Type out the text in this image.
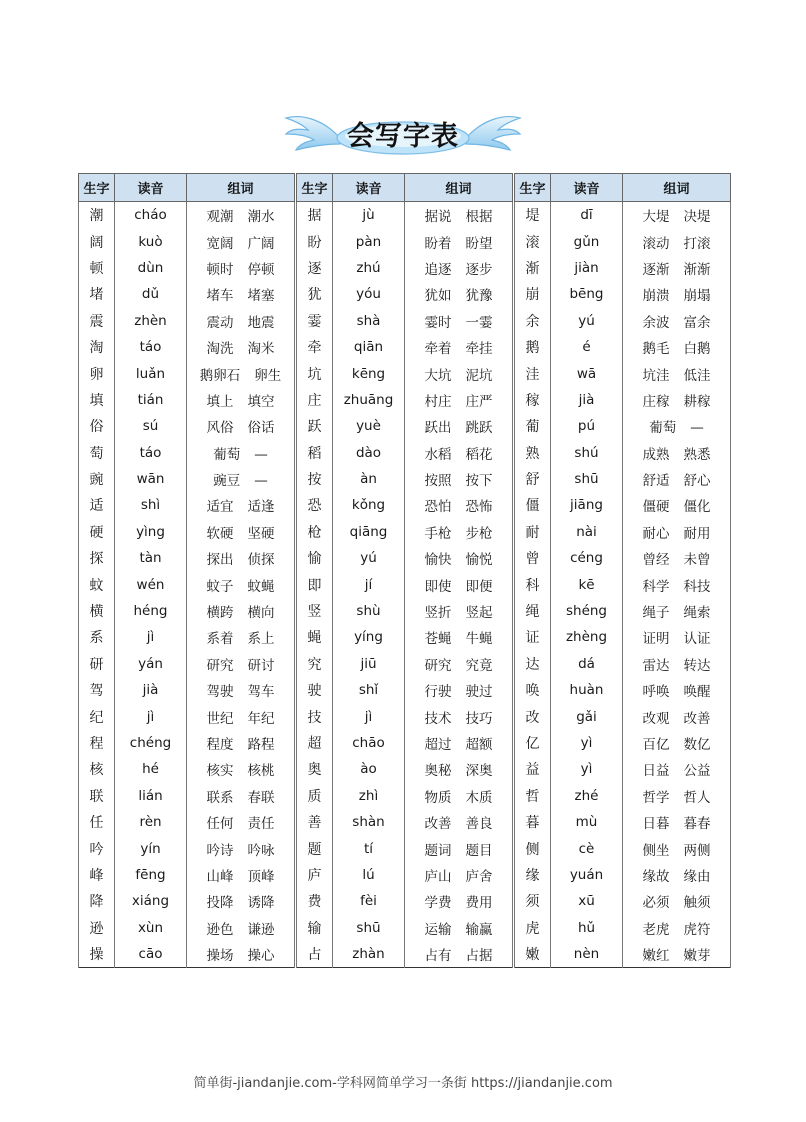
会写字表
生字	读音	组词
潮	cháo	观潮 潮水
阔	kuò	宽阔 广阔
顿	dùn	顿时 停顿
堵	dǔ	堵车 堵塞
震	zhèn	震动 地震
淘	táo	淘洗 淘米
卵	luǎn	鹅卵石 卵生
填	tián	填上 填空
俗	sú	风俗 俗话
萄	táo	葡萄 —
豌	wān	豌豆 —
适	shì	适宜 适逢
硬	yìng	软硬 坚硬
探	tàn	探出 侦探
蚊	wén	蚊子 蚊蝇
横	héng	横跨 横向
系	jì	系着 系上
研	yán	研究 研讨
驾	jià	驾驶 驾车
纪	jì	世纪 年纪
程	chéng	程度 路程
核	hé	核实 核桃
联	lián	联系 春联
任	rèn	任何 责任
吟	yín	吟诗 吟咏
峰	fēng	山峰 顶峰
降	xiáng	投降 诱降
逊	xùn	逊色 谦逊
操	cāo	操场 操心
生字	读音	组词
据	jù	据说 根据
盼	pàn	盼着 盼望
逐	zhú	追逐 逐步
犹	yóu	犹如 犹豫
霎	shà	霎时 一霎
牵	qiān	牵着 牵挂
坑	kēng	大坑 泥坑
庄	zhuāng	村庄 庄严
跃	yuè	跃出 跳跃
稻	dào	水稻 稻花
按	àn	按照 按下
恐	kǒng	恐怕 恐怖
枪	qiāng	手枪 步枪
愉	yú	愉快 愉悦
即	jí	即使 即便
竖	shù	竖折 竖起
蝇	yíng	苍蝇 牛蝇
究	jiū	研究 究竟
驶	shǐ	行驶 驶过
技	jì	技术 技巧
超	chāo	超过 超额
奥	ào	奥秘 深奥
质	zhì	物质 木质
善	shàn	改善 善良
题	tí	题词 题目
庐	lú	庐山 庐舍
费	fèi	学费 费用
输	shū	运输 输赢
占	zhàn	占有 占据
生字	读音	组词
堤	dī	大堤 决堤
滚	gǔn	滚动 打滚
渐	jiàn	逐渐 渐渐
崩	bēng	崩溃 崩塌
余	yú	余波 富余
鹅	é	鹅毛 白鹅
洼	wā	坑洼 低洼
稼	jià	庄稼 耕稼
葡	pú	葡萄 —
熟	shú	成熟 熟悉
舒	shū	舒适 舒心
僵	jiāng	僵硬 僵化
耐	nài	耐心 耐用
曾	céng	曾经 未曾
科	kē	科学 科技
绳	shéng	绳子 绳索
证	zhèng	证明 认证
达	dá	雷达 转达
唤	huàn	呼唤 唤醒
改	gǎi	改观 改善
亿	yì	百亿 数亿
益	yì	日益 公益
哲	zhé	哲学 哲人
暮	mù	日暮 暮春
侧	cè	侧坐 两侧
缘	yuán	缘故 缘由
须	xū	必须 触须
虎	hǔ	老虎 虎符
嫩	nèn	嫩红 嫩芽
简单街-jiandanjie.com-学科网简单学习一条街 https://jiandanjie.com
